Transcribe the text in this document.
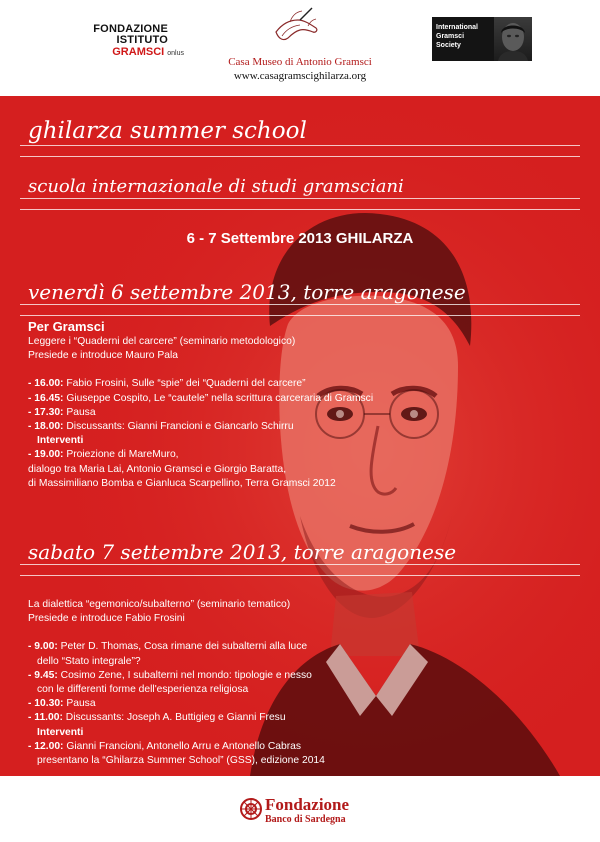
FONDAZIONE
ISTITUTO
GRAMSCI onlus
Casa Museo di Antonio Gramsci
www.casagramscighilarza.org
International
Gramsci
Society
ghilarza summer school
scuola internazionale di studi gramsciani
6 - 7 Settembre 2013 GHILARZA
venerdì 6 settembre 2013, torre aragonese
Per Gramsci
Leggere i “Quaderni del carcere” (seminario metodologico)
Presiede e introduce Mauro Pala
- 16.00: Fabio Frosini, Sulle “spie” dei “Quaderni del carcere”
- 16.45: Giuseppe Cospito, Le “cautele” nella scrittura carceraria di Gramsci
- 17.30: Pausa
- 18.00: Discussants: Gianni Francioni e Giancarlo Schirru
Interventi
- 19.00: Proiezione di MareMuro,
dialogo tra Maria Lai, Antonio Gramsci e Giorgio Baratta,
di Massimiliano Bomba e Gianluca Scarpellino, Terra Gramsci 2012
sabato 7 settembre 2013, torre aragonese
La dialettica “egemonico/subalterno” (seminario tematico)
Presiede e introduce Fabio Frosini
- 9.00: Peter D. Thomas, Cosa rimane dei subalterni alla luce
dello “Stato integrale”?
- 9.45: Cosimo Zene, I subalterni nel mondo: tipologie e nesso
con le differenti forme dell'esperienza religiosa
- 10.30: Pausa
- 11.00: Discussants: Joseph A. Buttigieg e Gianni Fresu
Interventi
- 12.00: Gianni Francioni, Antonello Arru e Antonello Cabras
presentano la “Ghilarza Summer School” (GSS), edizione 2014
Fondazione
Banco di Sardegna
